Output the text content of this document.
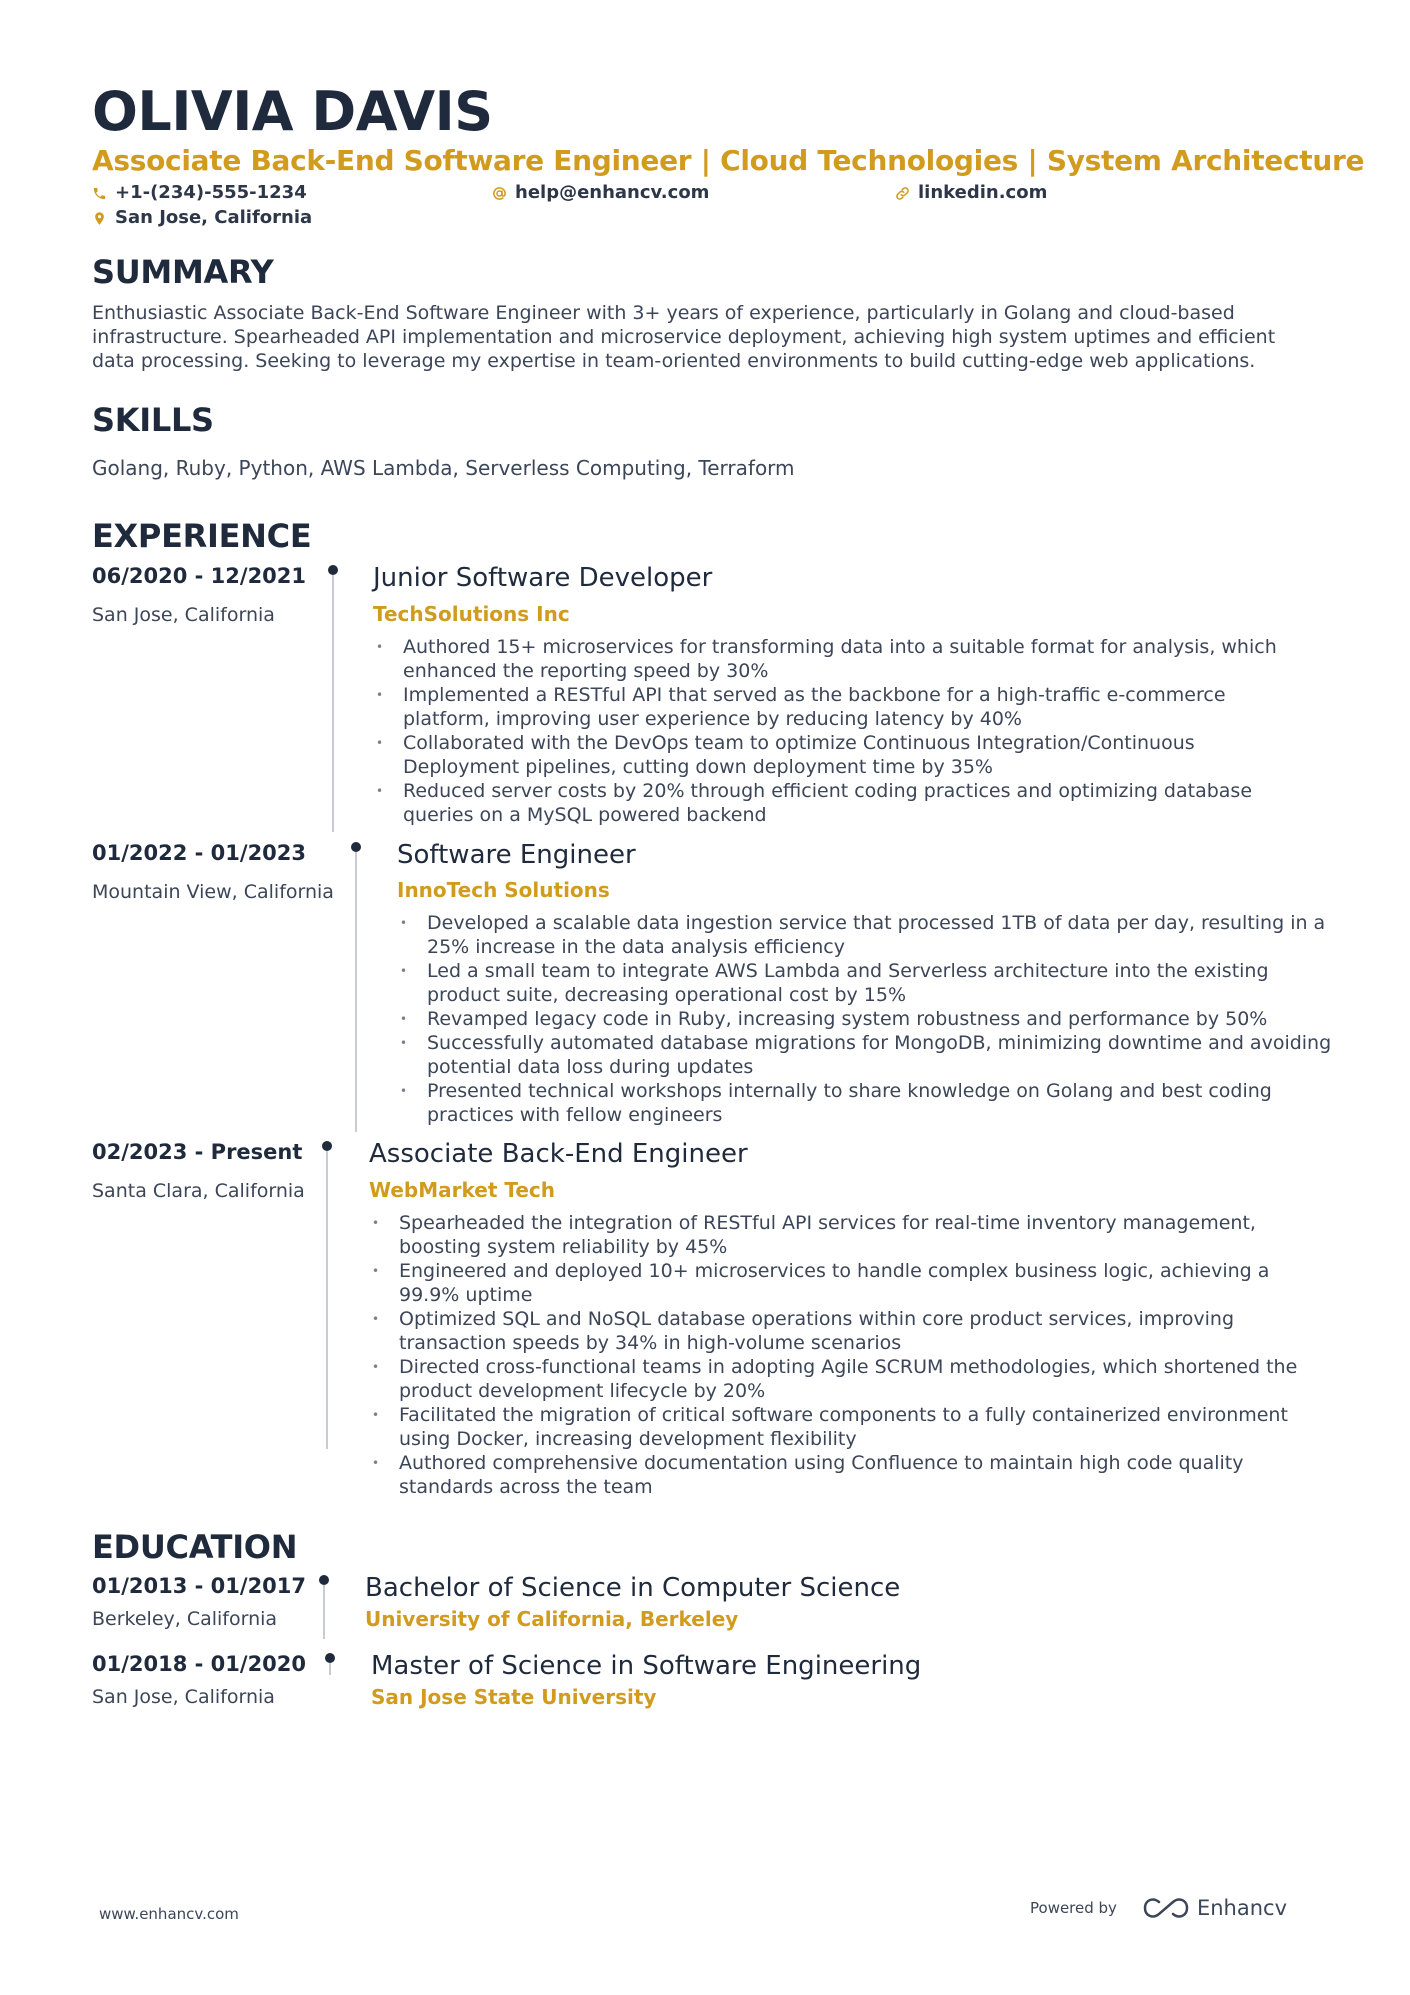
OLIVIA DAVIS
Associate Back-End Software Engineer | Cloud Technologies | System Architecture
+1-(234)-555-1234	help@enhancv.com	linkedin.com
San Jose, California
SUMMARY
Enthusiastic Associate Back-End Software Engineer with 3+ years of experience, particularly in Golang and cloud-based infrastructure. Spearheaded API implementation and microservice deployment, achieving high system uptimes and efficient data processing. Seeking to leverage my expertise in team-oriented environments to build cutting-edge web applications.
SKILLS
Golang, Ruby, Python, AWS Lambda, Serverless Computing, Terraform
EXPERIENCE
06/2020 - 12/2021
San Jose, California
Junior Software Developer
TechSolutions Inc
• Authored 15+ microservices for transforming data into a suitable format for analysis, which enhanced the reporting speed by 30%
• Implemented a RESTful API that served as the backbone for a high-traffic e-commerce platform, improving user experience by reducing latency by 40%
• Collaborated with the DevOps team to optimize Continuous Integration/Continuous Deployment pipelines, cutting down deployment time by 35%
• Reduced server costs by 20% through efficient coding practices and optimizing database queries on a MySQL powered backend
01/2022 - 01/2023
Mountain View, California
Software Engineer
InnoTech Solutions
• Developed a scalable data ingestion service that processed 1TB of data per day, resulting in a 25% increase in the data analysis efficiency
• Led a small team to integrate AWS Lambda and Serverless architecture into the existing product suite, decreasing operational cost by 15%
• Revamped legacy code in Ruby, increasing system robustness and performance by 50%
• Successfully automated database migrations for MongoDB, minimizing downtime and avoiding potential data loss during updates
• Presented technical workshops internally to share knowledge on Golang and best coding practices with fellow engineers
02/2023 - Present
Santa Clara, California
Associate Back-End Engineer
WebMarket Tech
• Spearheaded the integration of RESTful API services for real-time inventory management, boosting system reliability by 45%
• Engineered and deployed 10+ microservices to handle complex business logic, achieving a 99.9% uptime
• Optimized SQL and NoSQL database operations within core product services, improving transaction speeds by 34% in high-volume scenarios
• Directed cross-functional teams in adopting Agile SCRUM methodologies, which shortened the product development lifecycle by 20%
• Facilitated the migration of critical software components to a fully containerized environment using Docker, increasing development flexibility
• Authored comprehensive documentation using Confluence to maintain high code quality standards across the team
EDUCATION
01/2013 - 01/2017
Berkeley, California
Bachelor of Science in Computer Science
University of California, Berkeley
01/2018 - 01/2020
San Jose, California
Master of Science in Software Engineering
San Jose State University
www.enhancv.com	Powered by	Enhancv
